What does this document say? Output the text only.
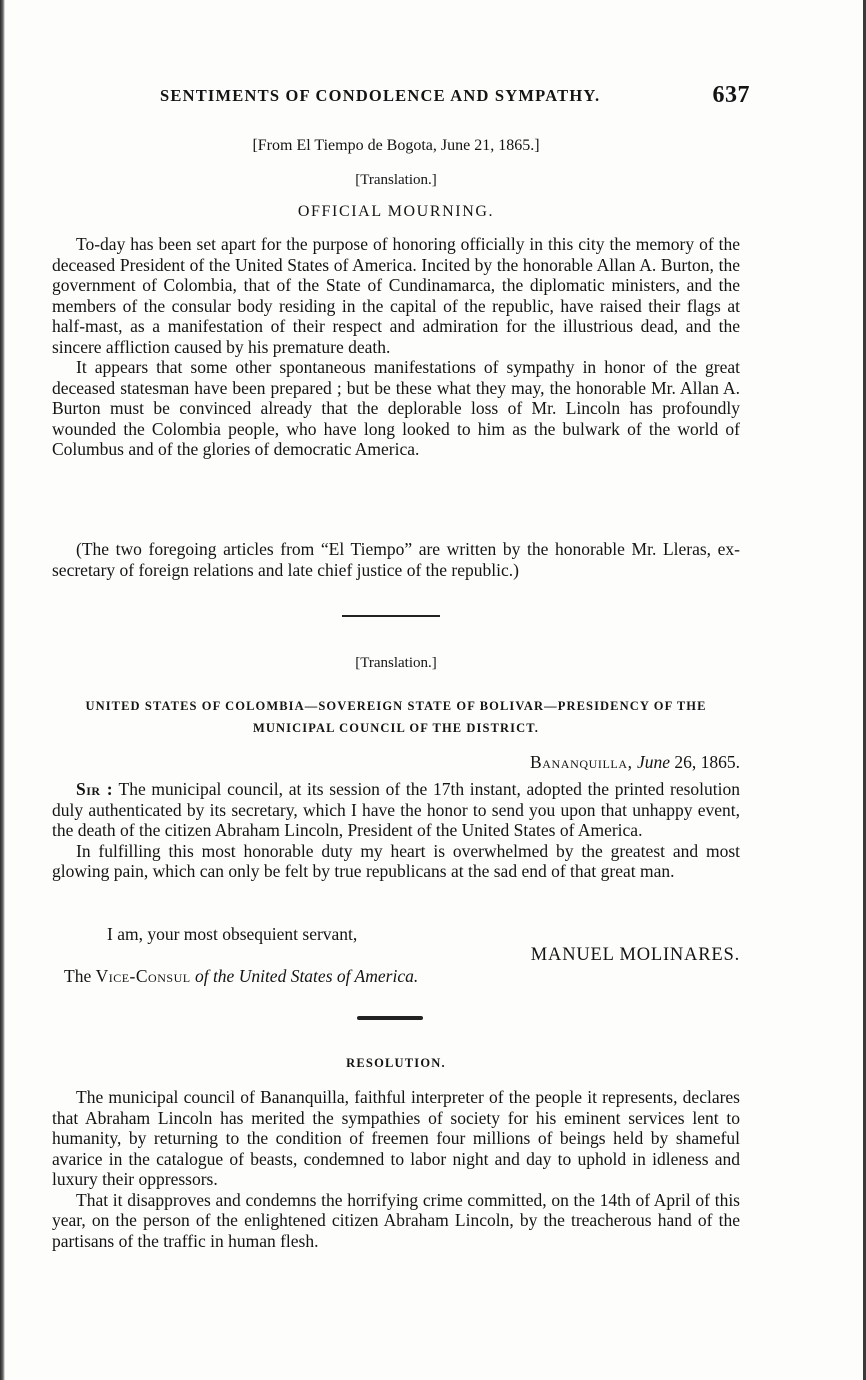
SENTIMENTS OF CONDOLENCE AND SYMPATHY.	637
[From El Tiempo de Bogota, June 21, 1865.]
[Translation.]
OFFICIAL MOURNING.

To-day has been set apart for the purpose of honoring officially in this city the memory of the deceased President of the United States of America. Incited by the honorable Allan A. Burton, the government of Colombia, that of the State of Cundinamarca, the diplomatic ministers, and the members of the consular body residing in the capital of the republic, have raised their flags at half-mast, as a manifestation of their respect and admiration for the illustrious dead, and the sincere affliction caused by his premature death.

It appears that some other spontaneous manifestations of sympathy in honor of the great deceased statesman have been prepared ; but be these what they may, the honorable Mr. Allan A. Burton must be convinced already that the deplorable loss of Mr. Lincoln has profoundly wounded the Colombia people, who have long looked to him as the bulwark of the world of Columbus and of the glories of democratic America.

(The two foregoing articles from “El Tiempo” are written by the honorable Mr. Lleras, ex-secretary of foreign relations and late chief justice of the republic.)

[Translation.]
UNITED STATES OF COLOMBIA—SOVEREIGN STATE OF BOLIVAR—PRESIDENCY OF THE MUNICIPAL COUNCIL OF THE DISTRICT.
Bananquilla, June 26, 1865.

Sir : The municipal council, at its session of the 17th instant, adopted the printed resolution duly authenticated by its secretary, which I have the honor to send you upon that unhappy event, the death of the citizen Abraham Lincoln, President of the United States of America.

In fulfilling this most honorable duty my heart is overwhelmed by the greatest and most glowing pain, which can only be felt by true republicans at the sad end of that great man.

I am, your most obsequient servant,
MANUEL MOLINARES.
The Vice-Consul of the United States of America.
RESOLUTION.

The municipal council of Bananquilla, faithful interpreter of the people it represents, declares that Abraham Lincoln has merited the sympathies of society for his eminent services lent to humanity, by returning to the condition of freemen four millions of beings held by shameful avarice in the catalogue of beasts, condemned to labor night and day to uphold in idleness and luxury their oppressors.

That it disapproves and condemns the horrifying crime committed, on the 14th of April of this year, on the person of the enlightened citizen Abraham Lincoln, by the treacherous hand of the partisans of the traffic in human flesh.
